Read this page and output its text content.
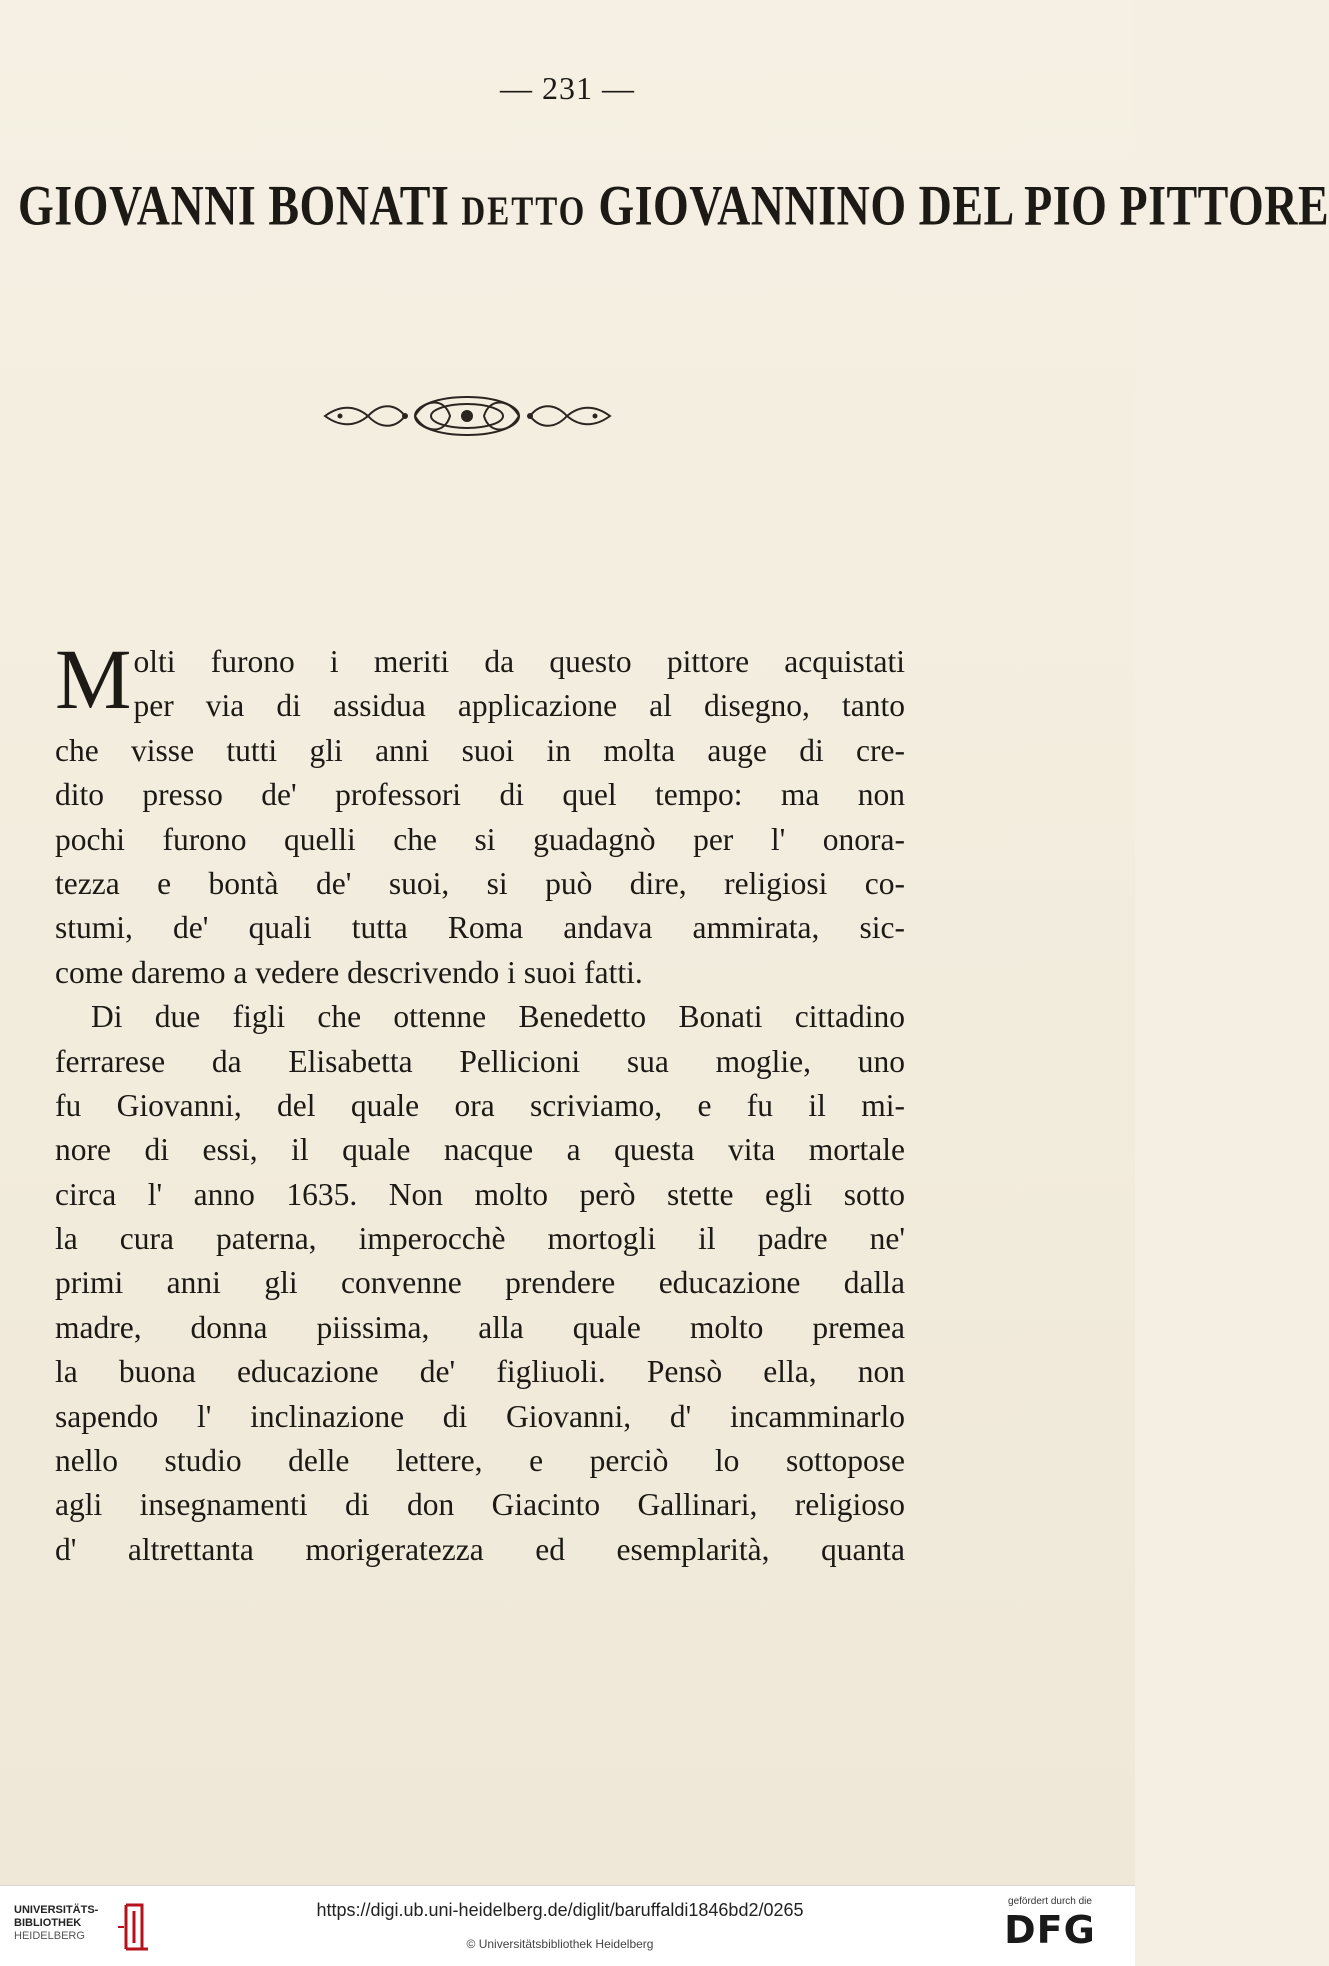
— 231 —
GIOVANNI BONATI DETTO GIOVANNINO DEL PIO PITTORE
M olti furono i meriti da questo pittore acquistati
per via di assidua applicazione al disegno, tanto
che visse tutti gli anni suoi in molta auge di cre-
dito presso de' professori di quel tempo: ma non
pochi furono quelli che si guadagnò per l' onora-
tezza e bontà de' suoi, si può dire, religiosi co-
stumi, de' quali tutta Roma andava ammirata, sic-
come daremo a vedere descrivendo i suoi fatti.
Di due figli che ottenne Benedetto Bonati cittadino
ferrarese da Elisabetta Pellicioni sua moglie, uno
fu Giovanni, del quale ora scriviamo, e fu il mi-
nore di essi, il quale nacque a questa vita mortale
circa l' anno 1635. Non molto però stette egli sotto
la cura paterna, imperocchè mortogli il padre ne'
primi anni gli convenne prendere educazione dalla
madre, donna piissima, alla quale molto premea
la buona educazione de' figliuoli. Pensò ella, non
sapendo l' inclinazione di Giovanni, d' incamminarlo
nello studio delle lettere, e perciò lo sottopose
agli insegnamenti di don Giacinto Gallinari, religioso
d' altrettanta morigeratezza ed esemplarità, quanta
UNIVERSITÄTS-
BIBLIOTHEK
HEIDELBERG
https://digi.ub.uni-heidelberg.de/diglit/baruffaldi1846bd2/0265
© Universitätsbibliothek Heidelberg
gefördert durch die
DFG
